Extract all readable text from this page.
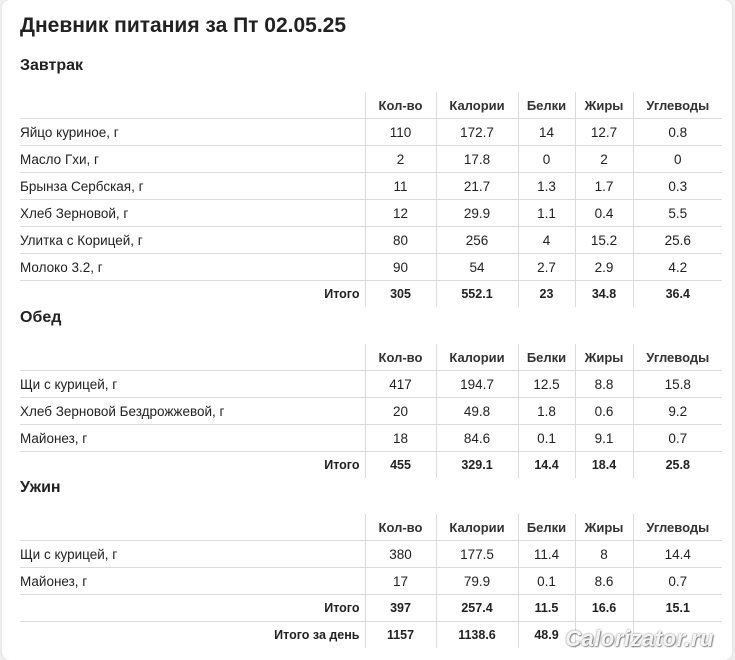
Дневник питания за Пт 02.05.25
Завтрак
	Кол-во	Калории	Белки	Жиры	Углеводы
Яйцо куриное, г	110	172.7	14	12.7	0.8
Масло Гхи, г	2	17.8	0	2	0
Брынза Сербская, г	11	21.7	1.3	1.7	0.3
Хлеб Зерновой, г	12	29.9	1.1	0.4	5.5
Улитка с Корицей, г	80	256	4	15.2	25.6
Молоко 3.2, г	90	54	2.7	2.9	4.2
Итого	305	552.1	23	34.8	36.4
Обед
	Кол-во	Калории	Белки	Жиры	Углеводы
Щи с курицей, г	417	194.7	12.5	8.8	15.8
Хлеб Зерновой Бездрожжевой, г	20	49.8	1.8	0.6	9.2
Майонез, г	18	84.6	0.1	9.1	0.7
Итого	455	329.1	14.4	18.4	25.8
Ужин
	Кол-во	Калории	Белки	Жиры	Углеводы
Щи с курицей, г	380	177.5	11.4	8	14.4
Майонез, г	17	79.9	0.1	8.6	0.7
Итого	397	257.4	11.5	16.6	15.1
Итого за день	1157	1138.6	48.9		Calorizator.ru
